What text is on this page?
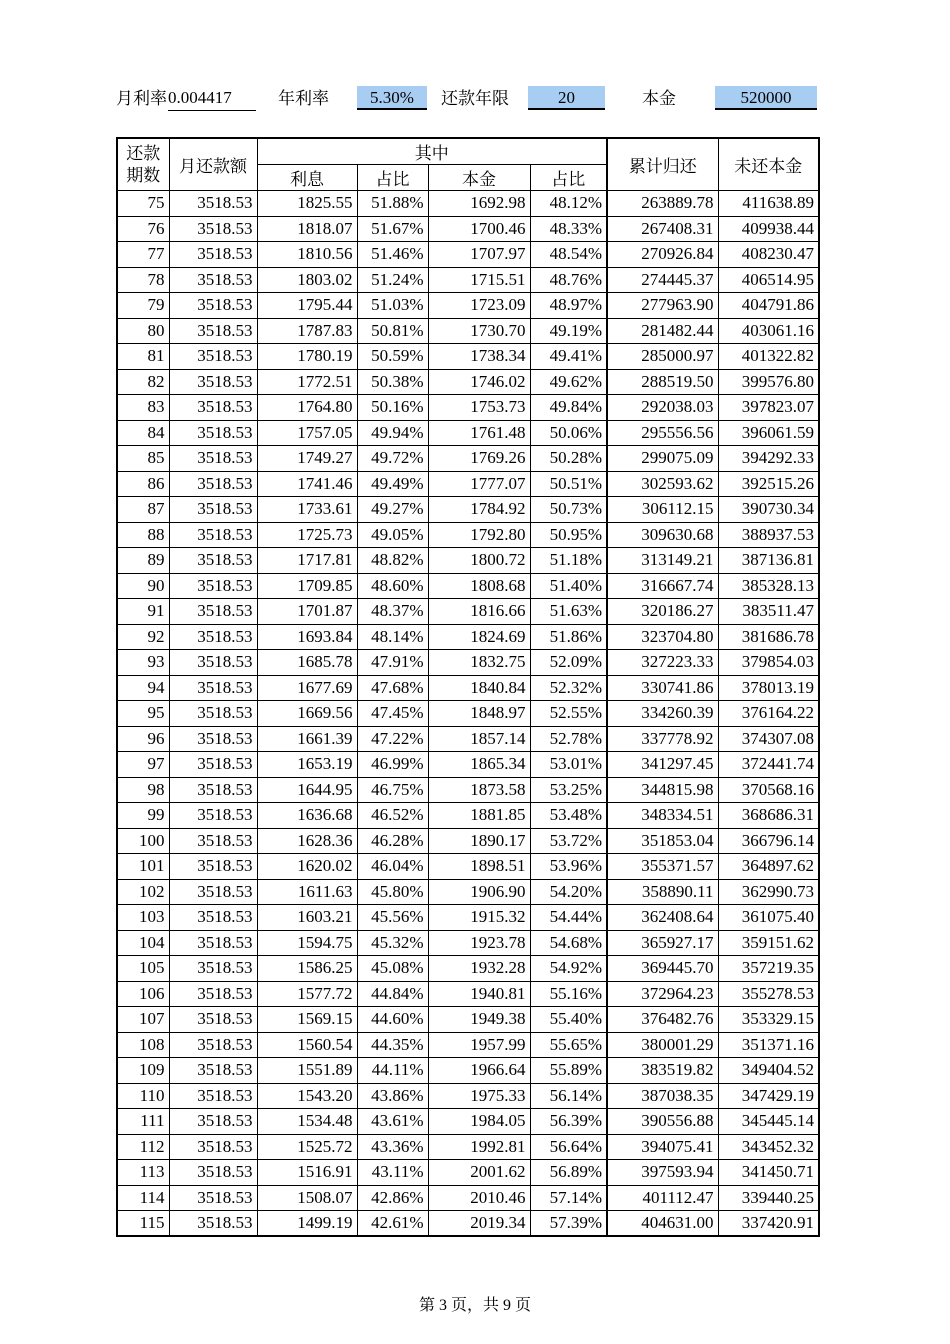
月利率 0.004417	年利率	5.30%	还款年限	20	本金	520000
还款期数	月还款额	其中				累计归还	未还本金
		利息	占比	本金	占比		
75	3518.53	1825.55	51.88%	1692.98	48.12%	263889.78	411638.89
76	3518.53	1818.07	51.67%	1700.46	48.33%	267408.31	409938.44
77	3518.53	1810.56	51.46%	1707.97	48.54%	270926.84	408230.47
78	3518.53	1803.02	51.24%	1715.51	48.76%	274445.37	406514.95
79	3518.53	1795.44	51.03%	1723.09	48.97%	277963.90	404791.86
80	3518.53	1787.83	50.81%	1730.70	49.19%	281482.44	403061.16
81	3518.53	1780.19	50.59%	1738.34	49.41%	285000.97	401322.82
82	3518.53	1772.51	50.38%	1746.02	49.62%	288519.50	399576.80
83	3518.53	1764.80	50.16%	1753.73	49.84%	292038.03	397823.07
84	3518.53	1757.05	49.94%	1761.48	50.06%	295556.56	396061.59
85	3518.53	1749.27	49.72%	1769.26	50.28%	299075.09	394292.33
86	3518.53	1741.46	49.49%	1777.07	50.51%	302593.62	392515.26
87	3518.53	1733.61	49.27%	1784.92	50.73%	306112.15	390730.34
88	3518.53	1725.73	49.05%	1792.80	50.95%	309630.68	388937.53
89	3518.53	1717.81	48.82%	1800.72	51.18%	313149.21	387136.81
90	3518.53	1709.85	48.60%	1808.68	51.40%	316667.74	385328.13
91	3518.53	1701.87	48.37%	1816.66	51.63%	320186.27	383511.47
92	3518.53	1693.84	48.14%	1824.69	51.86%	323704.80	381686.78
93	3518.53	1685.78	47.91%	1832.75	52.09%	327223.33	379854.03
94	3518.53	1677.69	47.68%	1840.84	52.32%	330741.86	378013.19
95	3518.53	1669.56	47.45%	1848.97	52.55%	334260.39	376164.22
96	3518.53	1661.39	47.22%	1857.14	52.78%	337778.92	374307.08
97	3518.53	1653.19	46.99%	1865.34	53.01%	341297.45	372441.74
98	3518.53	1644.95	46.75%	1873.58	53.25%	344815.98	370568.16
99	3518.53	1636.68	46.52%	1881.85	53.48%	348334.51	368686.31
100	3518.53	1628.36	46.28%	1890.17	53.72%	351853.04	366796.14
101	3518.53	1620.02	46.04%	1898.51	53.96%	355371.57	364897.62
102	3518.53	1611.63	45.80%	1906.90	54.20%	358890.11	362990.73
103	3518.53	1603.21	45.56%	1915.32	54.44%	362408.64	361075.40
104	3518.53	1594.75	45.32%	1923.78	54.68%	365927.17	359151.62
105	3518.53	1586.25	45.08%	1932.28	54.92%	369445.70	357219.35
106	3518.53	1577.72	44.84%	1940.81	55.16%	372964.23	355278.53
107	3518.53	1569.15	44.60%	1949.38	55.40%	376482.76	353329.15
108	3518.53	1560.54	44.35%	1957.99	55.65%	380001.29	351371.16
109	3518.53	1551.89	44.11%	1966.64	55.89%	383519.82	349404.52
110	3518.53	1543.20	43.86%	1975.33	56.14%	387038.35	347429.19
111	3518.53	1534.48	43.61%	1984.05	56.39%	390556.88	345445.14
112	3518.53	1525.72	43.36%	1992.81	56.64%	394075.41	343452.32
113	3518.53	1516.91	43.11%	2001.62	56.89%	397593.94	341450.71
114	3518.53	1508.07	42.86%	2010.46	57.14%	401112.47	339440.25
115	3518.53	1499.19	42.61%	2019.34	57.39%	404631.00	337420.91
第 3 页，共 9 页
